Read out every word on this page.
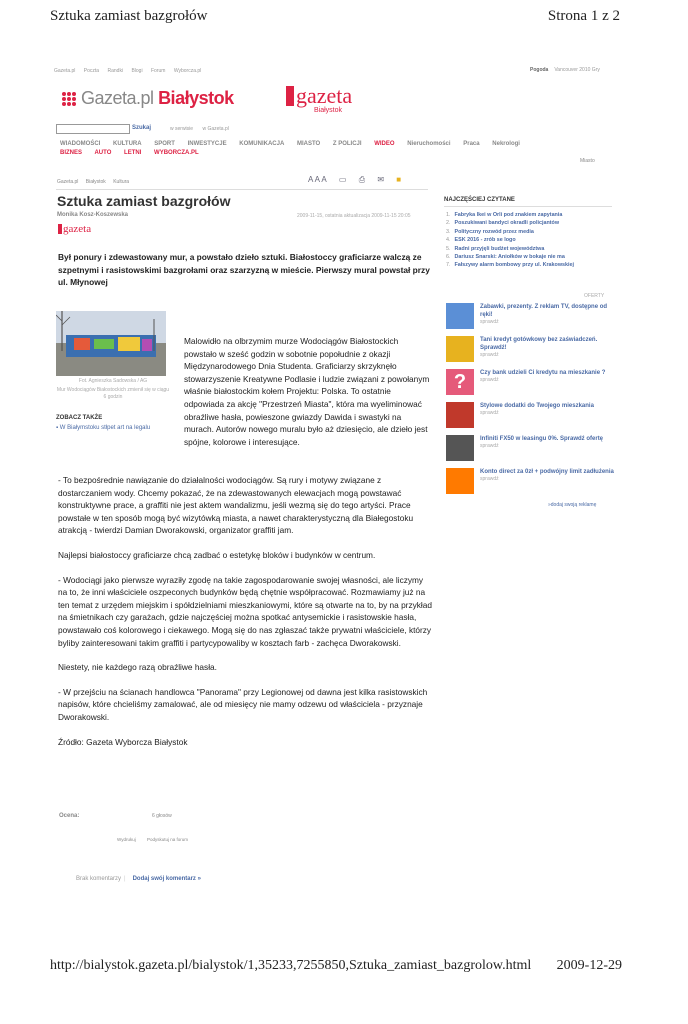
Sztuka zamiast bazgrołów	Strona 1 z 2
Gazeta.pl Poczta Randki Blogi Forum Wyborcza.pl	Pogoda Vancouver 2010 Gry
Gazeta.pl Białystok	gazeta
Białystok
Szukaj	w serwisie w Gazeta.pl
WIADOMOŚCI KULTURA SPORT INWESTYCJE KOMUNIKACJA MIASTO Z POLICJI WIDEO Nieruchomości Praca Nekrologi
BIZNES AUTO LETNI WYBORCZA.PL
Miasto
Gazeta.pl Białystok Kultura	A A A ▭ ⎙ ✉ ■
Sztuka zamiast bazgrołów
Monika Kosz-Koszewska	2009-11-15, ostatnia aktualizacja 2009-11-15 20:05
gazeta
Był ponury i zdewastowany mur, a powstało dzieło sztuki. Białostoccy graficiarze walczą ze szpetnymi i rasistowskimi bazgrołami oraz szarzyzną w mieście. Pierwszy mural powstał przy ul. Młynowej
Fot. Agnieszka Sadowska / AG
Mur Wodociągów Białostockich zmienił się w ciągu 6 godzin
ZOBACZ TAKŻE
▪ W Białymstoku stłpet art na legalu
Malowidło na olbrzymim murze Wodociągów Białostockich powstało w sześć godzin w sobotnie popołudnie z okazji Międzynarodowego Dnia Studenta. Graficiarzy skrzyknęło stowarzyszenie Kreatywne Podlasie i ludzie związani z powołanym właśnie białostockim kołem Projektu: Polska. To ostatnie odpowiada za akcję "Przestrzeń Miasta", która ma wyeliminować obraźliwe hasła, powieszone gwiazdy Dawida i swastyki na murach. Autorów nowego muralu było aż dziesięcio, ale dzieło jest spójne, kolorowe i interesujące.

- To bezpośrednie nawiązanie do działalności wodociągów. Są rury i motywy związane z dostarczaniem wody. Chcemy pokazać, że na zdewastowanych elewacjach mogą powstawać konstruktywne prace, a graffiti nie jest aktem wandalizmu, jeśli wezmą się do tego artyści. Prace powstałe w ten sposób mogą być wizytówką miasta, a nawet charakterystyczną dla Białegostoku atrakcją - twierdzi Damian Dworakowski, organizator graffiti jam.

Najlepsi białostoccy graficiarze chcą zadbać o estetykę bloków i budynków w centrum.

- Wodociągi jako pierwsze wyraziły zgodę na takie zagospodarowanie swojej własności, ale liczymy na to, że inni właściciele oszpeconych budynków będą chętnie współpracować. Rozmawiamy już na ten temat z urzędem miejskim i spółdzielniami mieszkaniowymi, które są otwarte na to, by na przykład na śmietnikach czy garażach, gdzie najczęściej można spotkać antysemickie i rasistowskie hasła, powstawało coś kolorowego i ciekawego. Mogą się do nas zgłaszać także prywatni właściciele, którzy byliby zainteresowani takim graffiti i partycypowaliby w kosztach farb - zachęca Dworakowski.

Niestety, nie każdego razą obraźliwe hasła.

- W przejściu na ścianach handlowca "Panorama" przy Legionowej od dawna jest kilka rasistowskich napisów, które chcieliśmy zamalować, ale od miesięcy nie mamy odzewu od właściciela - przyznaje Dworakowski.

Źródło: Gazeta Wyborcza Białystok

Ocena:	6 głosów
Wydrukuj	Podyskutuj na forum
Brak komentarzy | Dodaj swój komentarz »
NAJCZĘŚCIEJ CZYTANE
1. Fabryka lkei w Orli pod znakiem zapytania
2. Poszukiwani bandyci okradli policjantów
3. Polityczny rozwód przez media
4. ESK 2016 - zrób se logo
5. Radni przyjęli budżet województwa
6. Dariusz Snarski: Aniołków w bokaje nie ma
7. Fałszywy alarm bombowy przy ul. Krakowskiej
OFERTY
Zabawki, prezenty. Z reklam TV, dostępne od ręki!
sprawdź
Tani kredyt gotówkowy bez zaświadczeń. Sprawdź!
sprawdź
?	Czy bank udzieli Ci kredytu na mieszkanie ?
sprawdź
Stylowe dodatki do Twojego mieszkania
sprawdź
Infiniti FX50 w leasingu 0%. Sprawdź ofertę
sprawdź
Konto direct za 0zł + podwójny limit zadłużenia
sprawdź
»dodaj swoją reklamę
http://bialystok.gazeta.pl/bialystok/1,35233,7255850,Sztuka_zamiast_bazgrolow.html 2009-12-29
